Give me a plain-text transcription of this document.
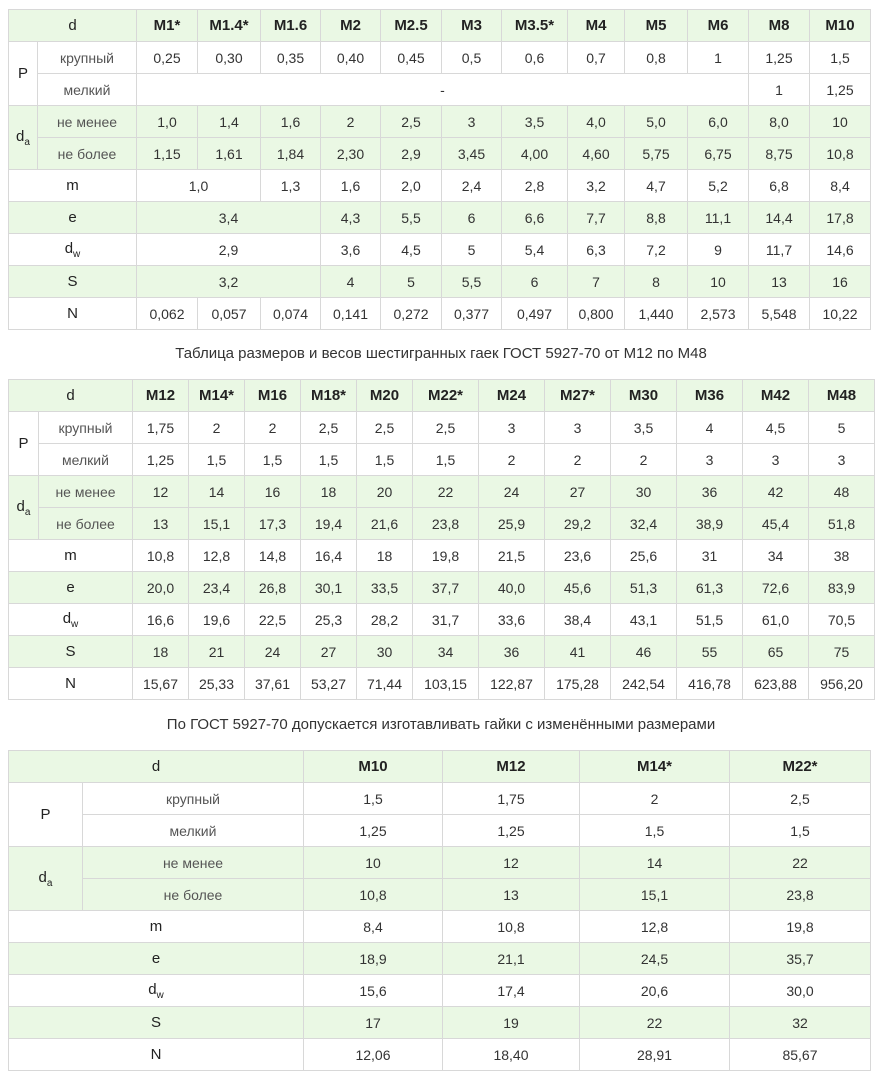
d		M1*	M1.4*	M1.6	M2	M2.5	M3	M3.5*	M4	M5	M6	M8	M10
P	крупный	0,25	0,30	0,35	0,40	0,45	0,5	0,6	0,7	0,8	1	1,25	1,5
	мелкий	-										1	1,25
$d_a$	не менее	1,0	1,4	1,6	2	2,5	3	3,5	4,0	5,0	6,0	8,0	10
	не более	1,15	1,61	1,84	2,30	2,9	3,45	4,00	4,60	5,75	6,75	8,75	10,8
m		1,0		1,3	1,6	2,0	2,4	2,8	3,2	4,7	5,2	6,8	8,4
e		3,4			4,3	5,5	6	6,6	7,7	8,8	11,1	14,4	17,8
$d_w$		2,9			3,6	4,5	5	5,4	6,3	7,2	9	11,7	14,6
S		3,2			4	5	5,5	6	7	8	10	13	16
N		0,062	0,057	0,074	0,141	0,272	0,377	0,497	0,800	1,440	2,573	5,548	10,22
Таблица размеров и весов шестигранных гаек ГОСТ 5927-70 от М12 по М48
d		M12	M14*	M16	M18*	M20	M22*	M24	M27*	M30	M36	M42	M48
P	крупный	1,75	2	2	2,5	2,5	2,5	3	3	3,5	4	4,5	5
	мелкий	1,25	1,5	1,5	1,5	1,5	1,5	2	2	2	3	3	3
$d_a$	не менее	12	14	16	18	20	22	24	27	30	36	42	48
	не более	13	15,1	17,3	19,4	21,6	23,8	25,9	29,2	32,4	38,9	45,4	51,8
m		10,8	12,8	14,8	16,4	18	19,8	21,5	23,6	25,6	31	34	38
e		20,0	23,4	26,8	30,1	33,5	37,7	40,0	45,6	51,3	61,3	72,6	83,9
$d_w$		16,6	19,6	22,5	25,3	28,2	31,7	33,6	38,4	43,1	51,5	61,0	70,5
S		18	21	24	27	30	34	36	41	46	55	65	75
N		15,67	25,33	37,61	53,27	71,44	103,15	122,87	175,28	242,54	416,78	623,88	956,20
По ГОСТ 5927-70 допускается изготавливать гайки с изменёнными размерами
d		M10	M12	M14*	M22*
P	крупный	1,5	1,75	2	2,5
	мелкий	1,25	1,25	1,5	1,5
$d_a$	не менее	10	12	14	22
	не более	10,8	13	15,1	23,8
m		8,4	10,8	12,8	19,8
e		18,9	21,1	24,5	35,7
$d_w$		15,6	17,4	20,6	30,0
S		17	19	22	32
N		12,06	18,40	28,91	85,67
